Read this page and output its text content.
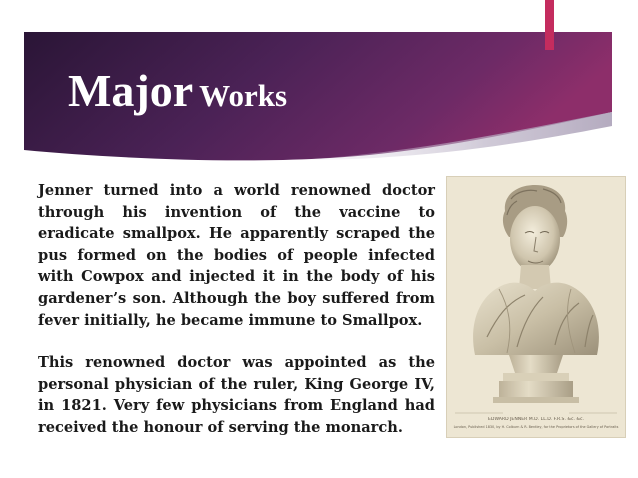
Major Works

Jenner turned into a world renowned doctor through his invention of the vaccine to eradicate smallpox. He apparently scraped the pus formed on the bodies of people infected with Cowpox and injected it in the body of his gardener’s son. Although the boy suffered from fever initially, he became immune to Smallpox.

This renowned doctor was appointed as the personal physician of the ruler, King George IV, in 1821. Very few physicians from England had received the honour of serving the monarch.	EDWARD JENNER M.D. LL.D. F.R.S. &c. &c.
London, Published 1830, by H. Colburn & R. Bentley, for the Proprietors of the Gallery of Portraits
